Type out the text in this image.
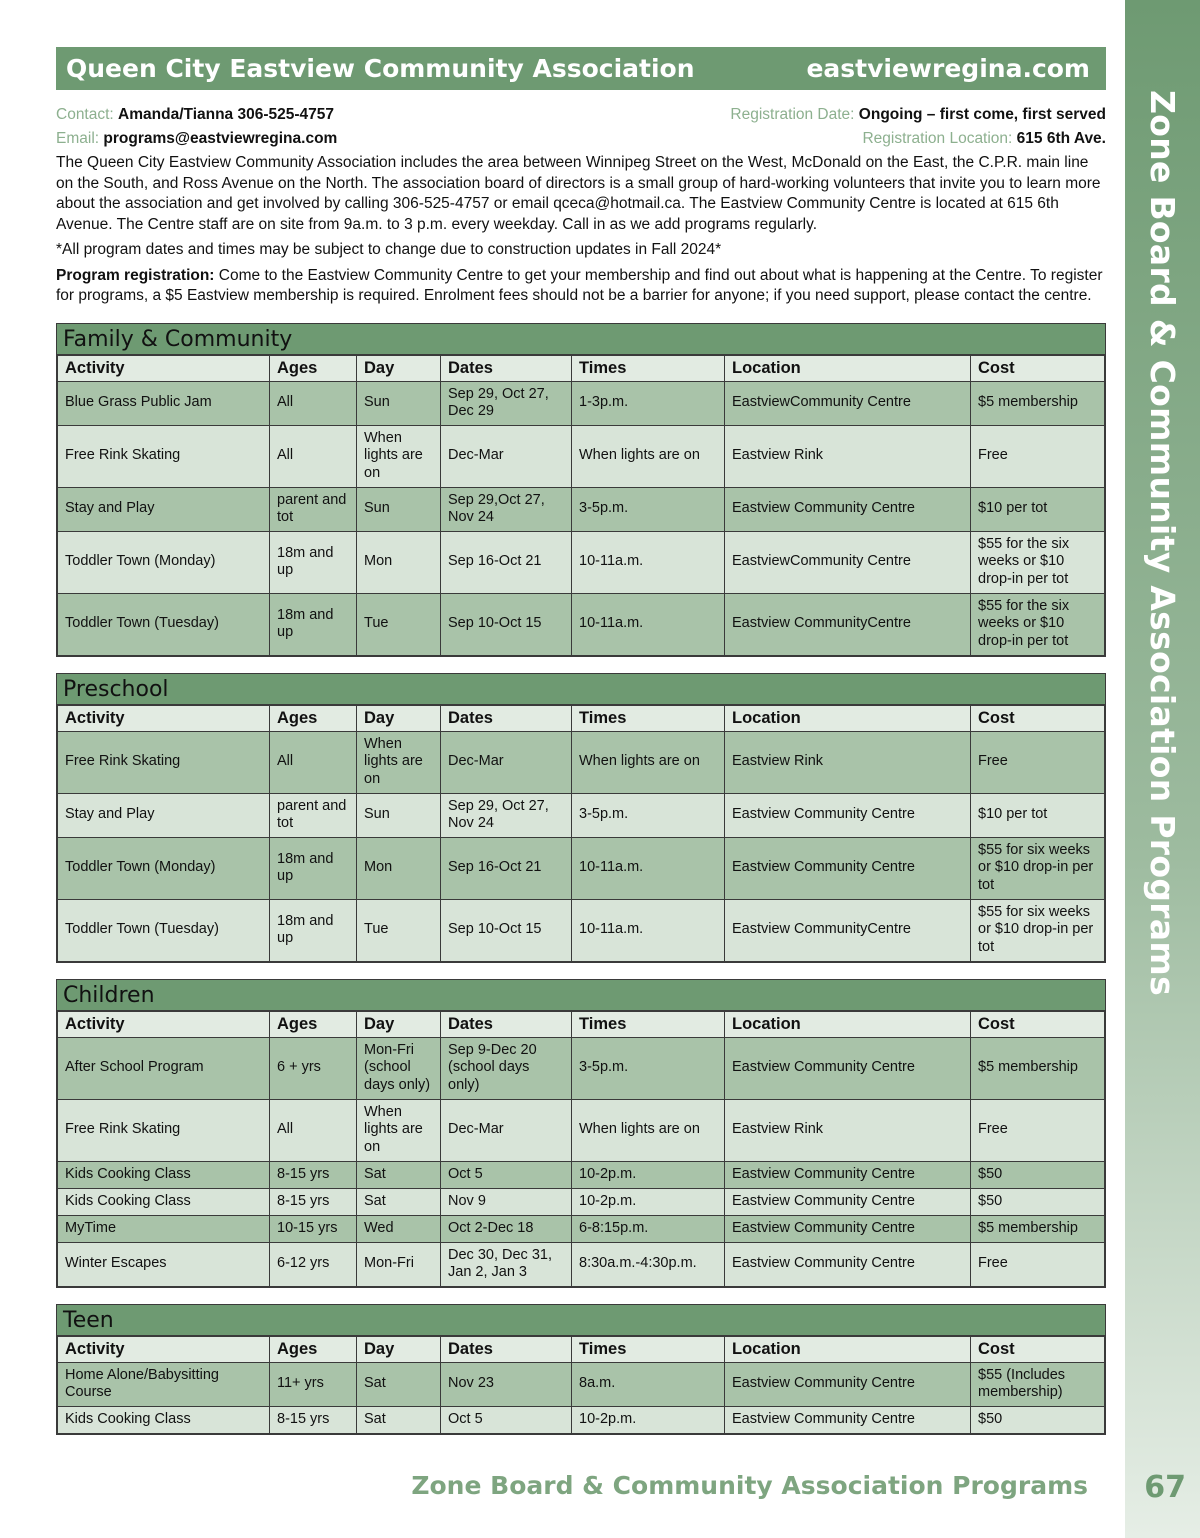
Zone Board & Community Association Programs
Queen City Eastview Community Association	eastviewregina.com
Contact: Amanda/Tianna 306-525-4757	Registration Date: Ongoing – first come, first served
Email: programs@eastviewregina.com	Registration Location: 615 6th Ave.
The Queen City Eastview Community Association includes the area between Winnipeg Street on the West, McDonald on the East, the C.P.R. main line on the South, and Ross Avenue on the North. The association board of directors is a small group of hard-working volunteers that invite you to learn more about the association and get involved by calling 306-525-4757 or email qceca@hotmail.ca. The Eastview Community Centre is located at 615 6th Avenue. The Centre staff are on site from 9a.m. to 3 p.m. every weekday. Call in as we add programs regularly.
*All program dates and times may be subject to change due to construction updates in Fall 2024*
Program registration: Come to the Eastview Community Centre to get your membership and find out about what is happening at the Centre. To register for programs, a $5 Eastview membership is required. Enrolment fees should not be a barrier for anyone; if you need support, please contact the centre.
Family & Community
Activity	Ages	Day	Dates	Times	Location	Cost
Blue Grass Public Jam	All	Sun	Sep 29, Oct 27, Dec 29	1-3p.m.	EastviewCommunity Centre	$5 membership
Free Rink Skating	All	When lights are on	Dec-Mar	When lights are on	Eastview Rink	Free
Stay and Play	parent and tot	Sun	Sep 29,Oct 27, Nov 24	3-5p.m.	Eastview Community Centre	$10 per tot
Toddler Town (Monday)	18m and up	Mon	Sep 16-Oct 21	10-11a.m.	EastviewCommunity Centre	$55 for the six weeks or $10 drop-in per tot
Toddler Town (Tuesday)	18m and up	Tue	Sep 10-Oct 15	10-11a.m.	Eastview CommunityCentre	$55 for the six weeks or $10 drop-in per tot
Preschool
Activity	Ages	Day	Dates	Times	Location	Cost
Free Rink Skating	All	When lights are on	Dec-Mar	When lights are on	Eastview Rink	Free
Stay and Play	parent and tot	Sun	Sep 29, Oct 27, Nov 24	3-5p.m.	Eastview Community Centre	$10 per tot
Toddler Town (Monday)	18m and up	Mon	Sep 16-Oct 21	10-11a.m.	Eastview Community Centre	$55 for six weeks or $10 drop-in per tot
Toddler Town (Tuesday)	18m and up	Tue	Sep 10-Oct 15	10-11a.m.	Eastview CommunityCentre	$55 for six weeks or $10 drop-in per tot
Children
Activity	Ages	Day	Dates	Times	Location	Cost
After School Program	6 + yrs	Mon-Fri (school days only)	Sep 9-Dec 20 (school days only)	3-5p.m.	Eastview Community Centre	$5 membership
Free Rink Skating	All	When lights are on	Dec-Mar	When lights are on	Eastview Rink	Free
Kids Cooking Class	8-15 yrs	Sat	Oct 5	10-2p.m.	Eastview Community Centre	$50
Kids Cooking Class	8-15 yrs	Sat	Nov 9	10-2p.m.	Eastview Community Centre	$50
MyTime	10-15 yrs	Wed	Oct 2-Dec 18	6-8:15p.m.	Eastview Community Centre	$5 membership
Winter Escapes	6-12 yrs	Mon-Fri	Dec 30, Dec 31, Jan 2, Jan 3	8:30a.m.-4:30p.m.	Eastview Community Centre	Free
Teen
Activity	Ages	Day	Dates	Times	Location	Cost
Home Alone/Babysitting Course	11+ yrs	Sat	Nov 23	8a.m.	Eastview Community Centre	$55 (Includes membership)
Kids Cooking Class	8-15 yrs	Sat	Oct 5	10-2p.m.	Eastview Community Centre	$50
Zone Board & Community Association Programs 67
